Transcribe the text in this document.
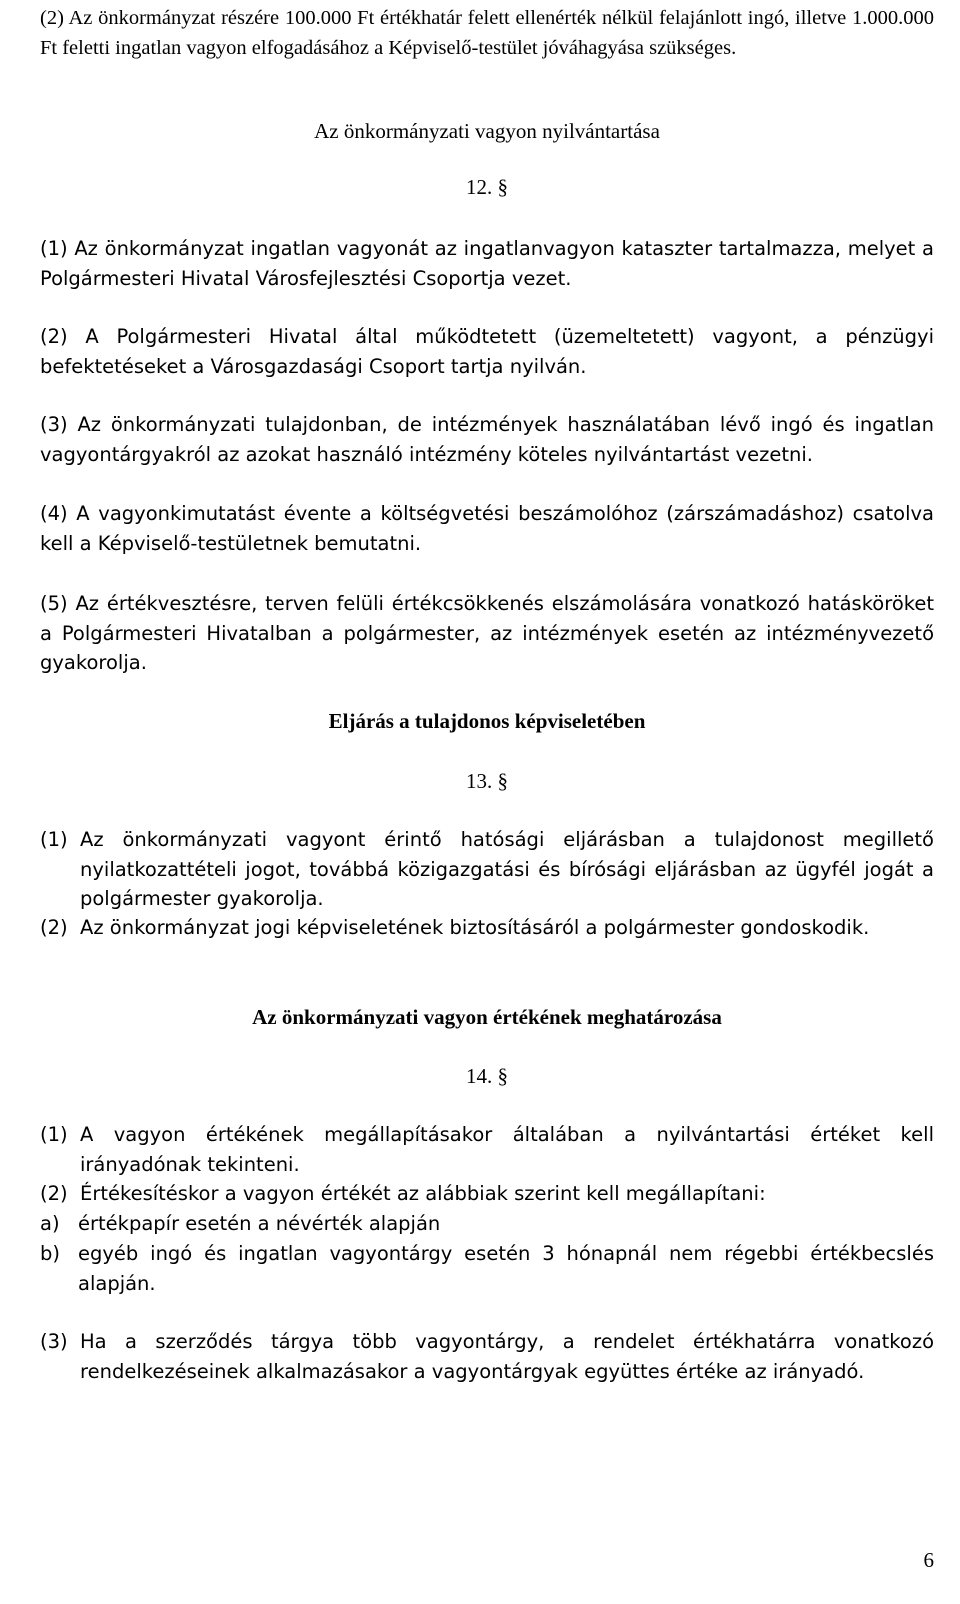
(2) Az önkormányzat részére 100.000 Ft értékhatár felett ellenérték nélkül felajánlott ingó, illetve 1.000.000 Ft feletti ingatlan vagyon elfogadásához a Képviselő-testület jóváhagyása szükséges.

Az önkormányzati vagyon nyilvántartása
12. §

(1) Az önkormányzat ingatlan vagyonát az ingatlanvagyon kataszter tartalmazza, melyet a Polgármesteri Hivatal Városfejlesztési Csoportja vezet.

(2) A Polgármesteri Hivatal által működtetett (üzemeltetett) vagyont, a pénzügyi befektetéseket a Városgazdasági Csoport tartja nyilván.

(3) Az önkormányzati tulajdonban, de intézmények használatában lévő ingó és ingatlan vagyontárgyakról az azokat használó intézmény köteles nyilvántartást vezetni.

(4) A vagyonkimutatást évente a költségvetési beszámolóhoz (zárszámadáshoz) csatolva kell a Képviselő-testületnek bemutatni.

(5) Az értékvesztésre, terven felüli értékcsökkenés elszámolására vonatkozó hatásköröket a Polgármesteri Hivatalban a polgármester, az intézmények esetén az intézményvezető gyakorolja.

Eljárás a tulajdonos képviseletében
13. §

(1) Az önkormányzati vagyont érintő hatósági eljárásban a tulajdonost megillető nyilatkozattételi jogot, továbbá közigazgatási és bírósági eljárásban az ügyfél jogát a polgármester gyakorolja.

(2) Az önkormányzat jogi képviseletének biztosításáról a polgármester gondoskodik.

Az önkormányzati vagyon értékének meghatározása
14. §

(1) A vagyon értékének megállapításakor általában a nyilvántartási értéket kell irányadónak tekinteni.

(2) Értékesítéskor a vagyon értékét az alábbiak szerint kell megállapítani:

a) értékpapír esetén a névérték alapján

b) egyéb ingó és ingatlan vagyontárgy esetén 3 hónapnál nem régebbi értékbecslés alapján.

(3) Ha a szerződés tárgya több vagyontárgy, a rendelet értékhatárra vonatkozó rendelkezéseinek alkalmazásakor a vagyontárgyak együttes értéke az irányadó.

6
